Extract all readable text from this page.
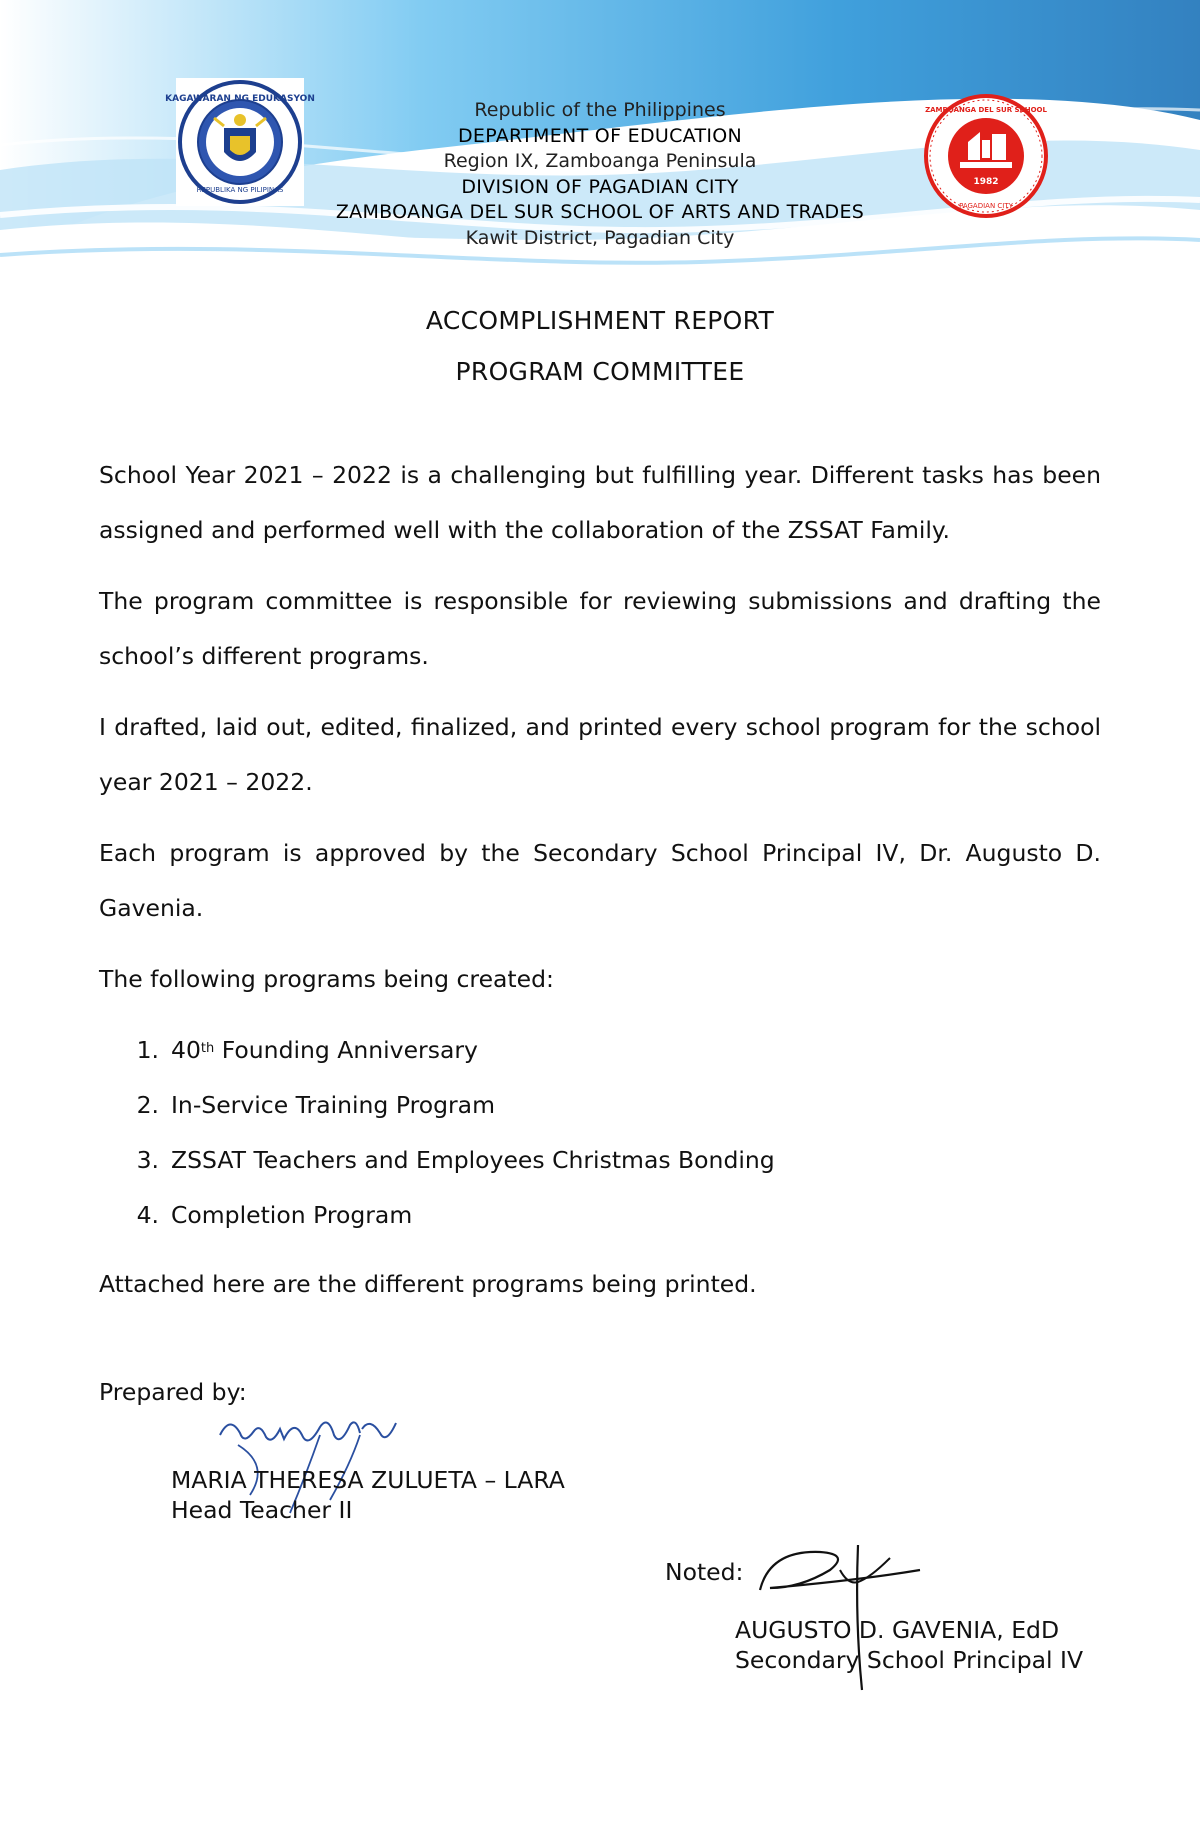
KAGAWARAN NG EDUKASYON
REPUBLIKA NG PILIPINAS
1982
ZAMBOANGA DEL SUR SCHOOL
PAGADIAN CITY
Republic of the Philippines
DEPARTMENT OF EDUCATION
Region IX, Zamboanga Peninsula
DIVISION OF PAGADIAN CITY
ZAMBOANGA DEL SUR SCHOOL OF ARTS AND TRADES
Kawit District, Pagadian City
ACCOMPLISHMENT REPORT
PROGRAM COMMITTEE

School Year 2021 – 2022 is a challenging but fulfilling year. Different tasks has been assigned and performed well with the collaboration of the ZSSAT Family.

The program committee is responsible for reviewing submissions and drafting the school’s different programs.

I drafted, laid out, edited, finalized, and printed every school program for the school year 2021 – 2022.

Each program is approved by the Secondary School Principal IV, Dr. Augusto D. Gavenia.

The following programs being created:

1. 40th Founding Anniversary
2. In-Service Training Program
3. ZSSAT Teachers and Employees Christmas Bonding
4. Completion Program

Attached here are the different programs being printed.

Prepared by:
MARIA THERESA ZULUETA – LARA
Head Teacher II
Noted:
AUGUSTO D. GAVENIA, EdD
Secondary School Principal IV
